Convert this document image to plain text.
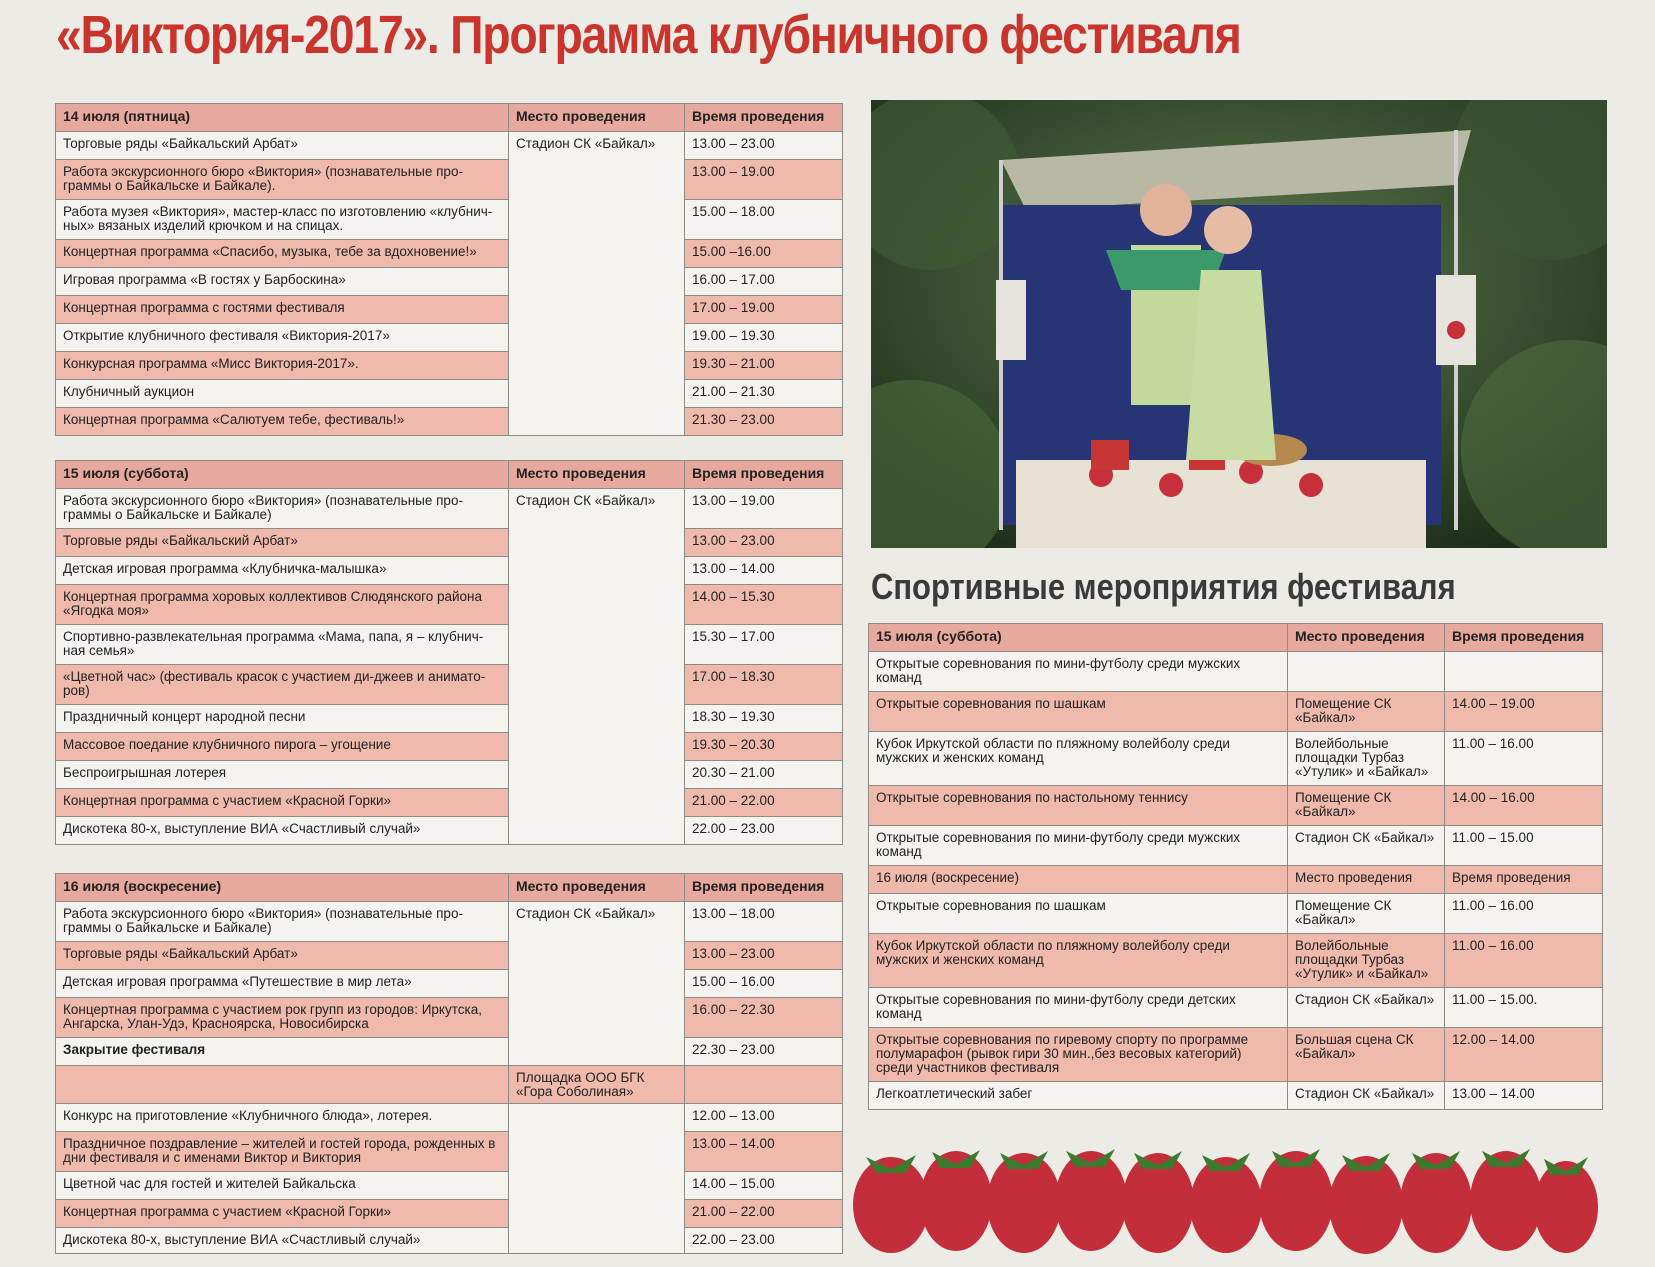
«Виктория-2017». Программа клубничного фестиваля
14 июля (пятница)	Место проведения	Время проведения
Торговые ряды «Байкальский Арбат»	Стадион СК «Байкал»	13.00 – 23.00
Работа экскурсионного бюро «Виктория» (познавательные про-граммы о Байкальске и Байкале).		13.00 – 19.00
Работа музея «Виктория», мастер-класс по изготовлению «клубнич-ных» вязаных изделий крючком и на спицах.		15.00 – 18.00
Концертная программа «Спасибо, музыка, тебе за вдохновение!»		15.00 –16.00
Игровая программа «В гостях у Барбоскина»		16.00 – 17.00
Концертная программа с гостями фестиваля		17.00 – 19.00
Открытие клубничного фестиваля «Виктория-2017»		19.00 – 19.30
Конкурсная программа «Мисс Виктория-2017».		19.30 – 21.00
Клубничный аукцион		21.00 – 21.30
Концертная программа «Салютуем тебе, фестиваль!»		21.30 – 23.00
15 июля (суббота)	Место проведения	Время проведения
Работа экскурсионного бюро «Виктория» (познавательные про-граммы о Байкальске и Байкале)	Стадион СК «Байкал»	13.00 – 19.00
Торговые ряды «Байкальский Арбат»		13.00 – 23.00
Детская игровая программа «Клубничка-малышка»		13.00 – 14.00
Концертная программа хоровых коллективов Слюдянского района «Ягодка моя»		14.00 – 15.30
Спортивно-развлекательная программа «Мама, папа, я – клубнич-ная семья»		15.30 – 17.00
«Цветной час» (фестиваль красок с участием ди-джеев и анимато-ров)		17.00 – 18.30
Праздничный концерт народной песни		18.30 – 19.30
Массовое поедание клубничного пирога – угощение		19.30 – 20.30
Беспроигрышная лотерея		20.30 – 21.00
Концертная программа с участием «Красной Горки»		21.00 – 22.00
Дискотека 80-х, выступление ВИА «Счастливый случай»		22.00 – 23.00
16 июля (воскресение)	Место проведения	Время проведения
Работа экскурсионного бюро «Виктория» (познавательные про-граммы о Байкальске и Байкале)	Стадион СК «Байкал»	13.00 – 18.00
Торговые ряды «Байкальский Арбат»		13.00 – 23.00
Детская игровая программа «Путешествие в мир лета»		15.00 – 16.00
Концертная программа с участием рок групп из городов: Иркутска, Ангарска, Улан-Удэ, Красноярска, Новосибирска		16.00 – 22.30
Закрытие фестиваля		22.30 – 23.00
	Площадка ООО БГК «Гора Соболиная»	
Конкурс на приготовление «Клубничного блюда», лотерея.		12.00 – 13.00
Праздничное поздравление – жителей и гостей города, рожденных в дни фестиваля и с именами Виктор и Виктория		13.00 – 14.00
Цветной час для гостей и жителей Байкальска		14.00 – 15.00
Концертная программа с участием «Красной Горки»		21.00 – 22.00
Дискотека 80-х, выступление ВИА «Счастливый случай»		22.00 – 23.00
Спортивные мероприятия фестиваля
15 июля (суббота)	Место проведения	Время проведения
Открытые соревнования по мини-футболу среди мужских команд		
Открытые соревнования по шашкам	Помещение СК «Байкал»	14.00 – 19.00
Кубок Иркутской области по пляжному волейболу среди мужских и женских команд	Волейбольные площадки Турбаз «Утулик» и «Байкал»	11.00 – 16.00
Открытые соревнования по настольному теннису	Помещение СК «Байкал»	14.00 – 16.00
Открытые соревнования по мини-футболу среди мужских команд	Стадион СК «Байкал»	11.00 – 15.00
16 июля (воскресение)	Место проведения	Время проведения
Открытые соревнования по шашкам	Помещение СК «Байкал»	11.00 – 16.00
Кубок Иркутской области по пляжному волейболу среди мужских и женских команд	Волейбольные площадки Турбаз «Утулик» и «Байкал»	11.00 – 16.00
Открытые соревнования по мини-футболу среди детских команд	Стадион СК «Байкал»	11.00 – 15.00.
Открытые соревнования по гиревому спорту по программе полумарафон (рывок гири 30 мин.,без весовых категорий) среди участников фестиваля	Большая сцена СК «Байкал»	12.00 – 14.00
Легкоатлетический забег	Стадион СК «Байкал»	13.00 – 14.00
